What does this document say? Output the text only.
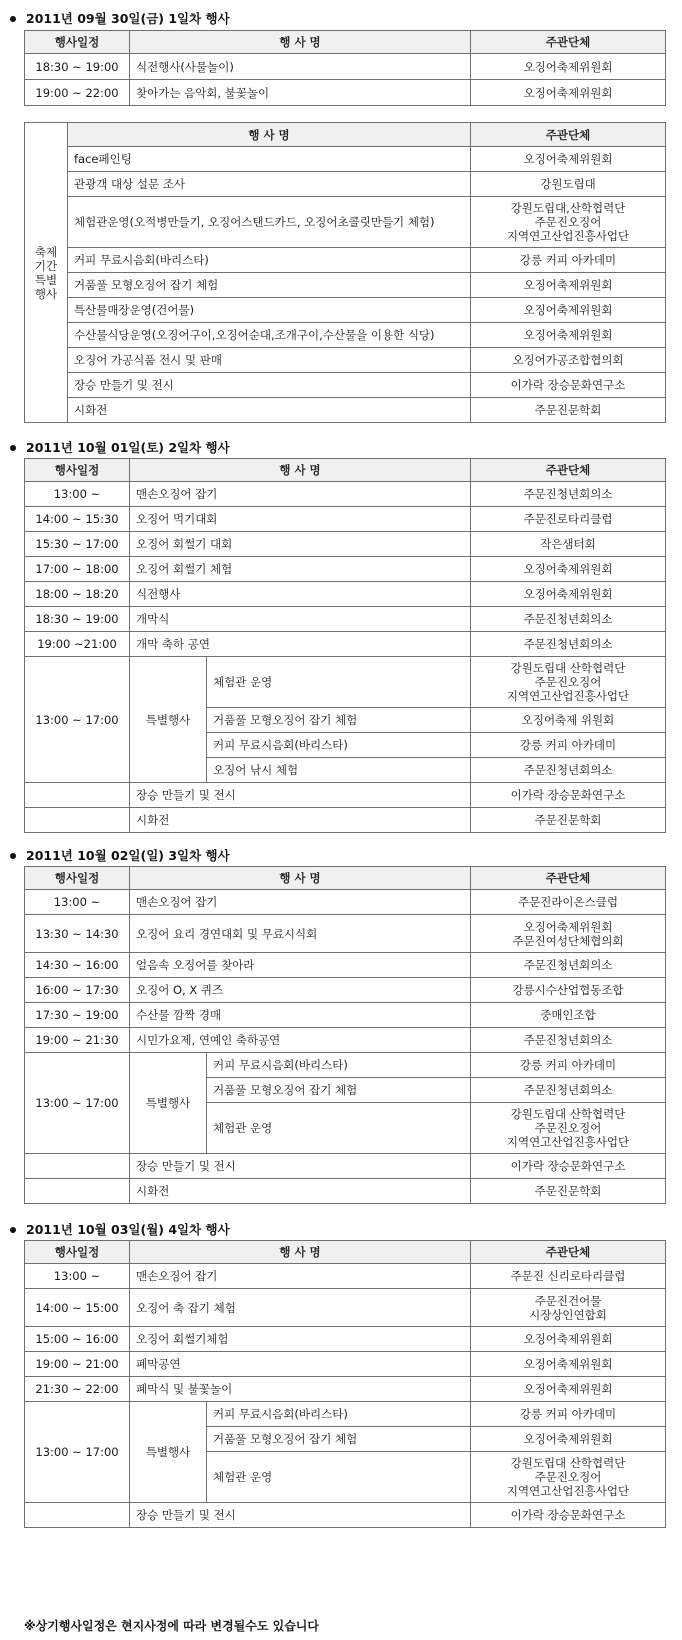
2011년 09월 30일(금) 1일차 행사
행사일정	행 사 명	주관단체
18:30 ~ 19:00	식전행사(사물놀이)	오징어축제위원회
19:00 ~ 22:00	찾아가는 음악회, 불꽃놀이	오징어축제위원회
축제
기간
특별
행사	행 사 명	주관단체
	face페인팅	오징어축제위원회
	관광객 대상 설문 조사	강원도립대
	체험관운영(오적병만들기, 오징어스탠드카드, 오징어초콜릿만들기 체험)	강원도립대,산학협력단
주문진오징어
지역연고산업진흥사업단
	커피 무료시음회(바리스타)	강릉 커피 아카데미
	거품풀 모형오징어 잡기 체험	오징어축제위원회
	특산물매장운영(건어물)	오징어축제위원회
	수산물식당운영(오징어구이,오징어순대,조개구이,수산물을 이용한 식당)	오징어축제위원회
	오징어 가공식품 전시 및 판매	오징어가공조합협의회
	장승 만들기 및 전시	이가락 장승문화연구소
	시화전	주문진문학회
2011년 10월 01일(토) 2일차 행사
행사일정	행 사 명		주관단체
13:00 ~	맨손오징어 잡기		주문진청년회의소
14:00 ~ 15:30	오징어 먹기대회		주문진로타리클럽
15:30 ~ 17:00	오징어 회썰기 대회		작은샘터회
17:00 ~ 18:00	오징어 회썰기 체험		오징어축제위원회
18:00 ~ 18:20	식전행사		오징어축제위원회
18:30 ~ 19:00	개막식		주문진청년회의소
19:00 ~21:00	개막 축하 공연		주문진청년회의소
13:00 ~ 17:00	특별행사	체험관 운영	강원도립대 산학협력단
주문진오징어
지역연고산업진흥사업단
		거품풀 모형오징어 잡기 체험	오징어축제 위원회
		커피 무료시음회(바리스타)	강릉 커피 아카데미
		오징어 낚시 체험	주문진청년회의소
	장승 만들기 및 전시		이가락 장승문화연구소
	시화전		주문진문학회
2011년 10월 02일(일) 3일차 행사
행사일정	행 사 명		주관단체
13:00 ~	맨손오징어 잡기		주문진라이온스클럽
13:30 ~ 14:30	오징어 요리 경연대회 및 무료시식회		오징어축제위원회
주문진여성단체협의회
14:30 ~ 16:00	얼음속 오징어를 찾아라		주문진청년회의소
16:00 ~ 17:30	오징어 O, X 퀴즈		강릉시수산업협동조합
17:30 ~ 19:00	수산물 깜짝 경매		중매인조합
19:00 ~ 21:30	시민가요제, 연예인 축하공연		주문진청년회의소
13:00 ~ 17:00	특별행사	커피 무료시음회(바리스타)	강릉 커피 아카데미
		거품풀 모형오징어 잡기 체험	주문진청년회의소
		체험관 운영	강원도립대 산학협력단
주문진오징어
지역연고산업진흥사업단
	장승 만들기 및 전시		이가락 장승문화연구소
	시화전		주문진문학회
2011년 10월 03일(월) 4일차 행사
행사일정	행 사 명		주관단체
13:00 ~	맨손오징어 잡기		주문진 신리로타리클럽
14:00 ~ 15:00	오징어 축 잡기 체험		주문진건어물
시장상인연합회
15:00 ~ 16:00	오징어 회썰기체험		오징어축제위원회
19:00 ~ 21:00	폐막공연		오징어축제위원회
21:30 ~ 22:00	폐막식 및 불꽃놀이		오징어축제위원회
13:00 ~ 17:00	특별행사	커피 무료시음회(바리스타)	강릉 커피 아카데미
		거품풀 모형오징어 잡기 체험	오징어축제위원회
		체험관 운영	강원도립대 산학협력단
주문진오징어
지역연고산업진흥사업단
	장승 만들기 및 전시		이가락 장승문화연구소
※상기행사일정은 현지사정에 따라 변경될수도 있습니다
